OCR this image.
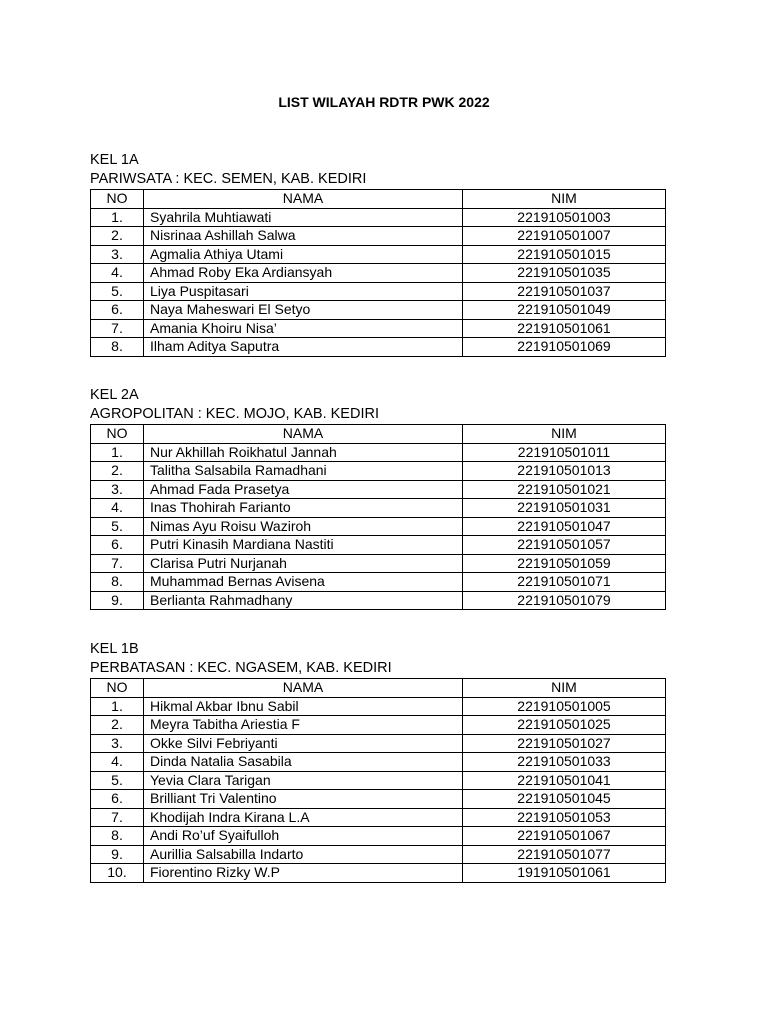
LIST WILAYAH RDTR PWK 2022
KEL 1A
PARIWSATA : KEC. SEMEN, KAB. KEDIRI
NO	NAMA	NIM
1.	Syahrila Muhtiawati	221910501003
2.	Nisrinaa Ashillah Salwa	221910501007
3.	Agmalia Athiya Utami	221910501015
4.	Ahmad Roby Eka Ardiansyah	221910501035
5.	Liya Puspitasari	221910501037
6.	Naya Maheswari El Setyo	221910501049
7.	Amania Khoiru Nisa’	221910501061
8.	Ilham Aditya Saputra	221910501069
KEL 2A
AGROPOLITAN : KEC. MOJO, KAB. KEDIRI
NO	NAMA	NIM
1.	Nur Akhillah Roikhatul Jannah	221910501011
2.	Talitha Salsabila Ramadhani	221910501013
3.	Ahmad Fada Prasetya	221910501021
4.	Inas Thohirah Farianto	221910501031
5.	Nimas Ayu Roisu Waziroh	221910501047
6.	Putri Kinasih Mardiana Nastiti	221910501057
7.	Clarisa Putri Nurjanah	221910501059
8.	Muhammad Bernas Avisena	221910501071
9.	Berlianta Rahmadhany	221910501079
KEL 1B
PERBATASAN : KEC. NGASEM, KAB. KEDIRI
NO	NAMA	NIM
1.	Hikmal Akbar Ibnu Sabil	221910501005
2.	Meyra Tabitha Ariestia F	221910501025
3.	Okke Silvi Febriyanti	221910501027
4.	Dinda Natalia Sasabila	221910501033
5.	Yevia Clara Tarigan	221910501041
6.	Brilliant Tri Valentino	221910501045
7.	Khodijah Indra Kirana L.A	221910501053
8.	Andi Ro’uf Syaifulloh	221910501067
9.	Aurillia Salsabilla Indarto	221910501077
10.	Fiorentino Rizky W.P	191910501061
